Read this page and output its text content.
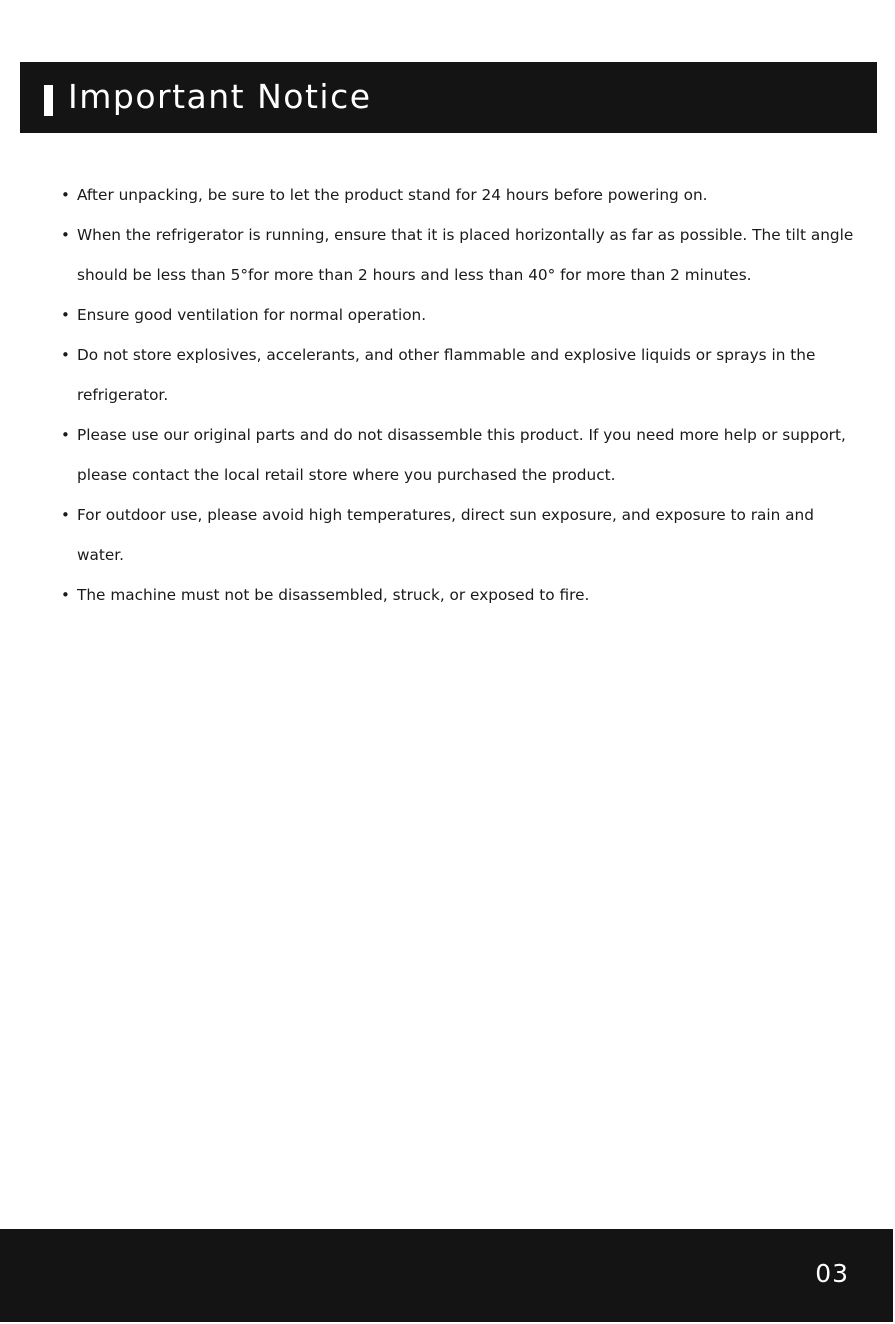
Important Notice
• After unpacking, be sure to let the product stand for 24 hours before powering on.
• When the refrigerator is running, ensure that it is placed horizontally as far as possible. The tilt angle should be less than 5°for more than 2 hours and less than 40° for more than 2 minutes.
• Ensure good ventilation for normal operation.
• Do not store explosives, accelerants, and other flammable and explosive liquids or sprays in the refrigerator.
• Please use our original parts and do not disassemble this product. If you need more help or support, please contact the local retail store where you purchased the product.
• For outdoor use, please avoid high temperatures, direct sun exposure, and exposure to rain and water.
• The machine must not be disassembled, struck, or exposed to fire.
03
